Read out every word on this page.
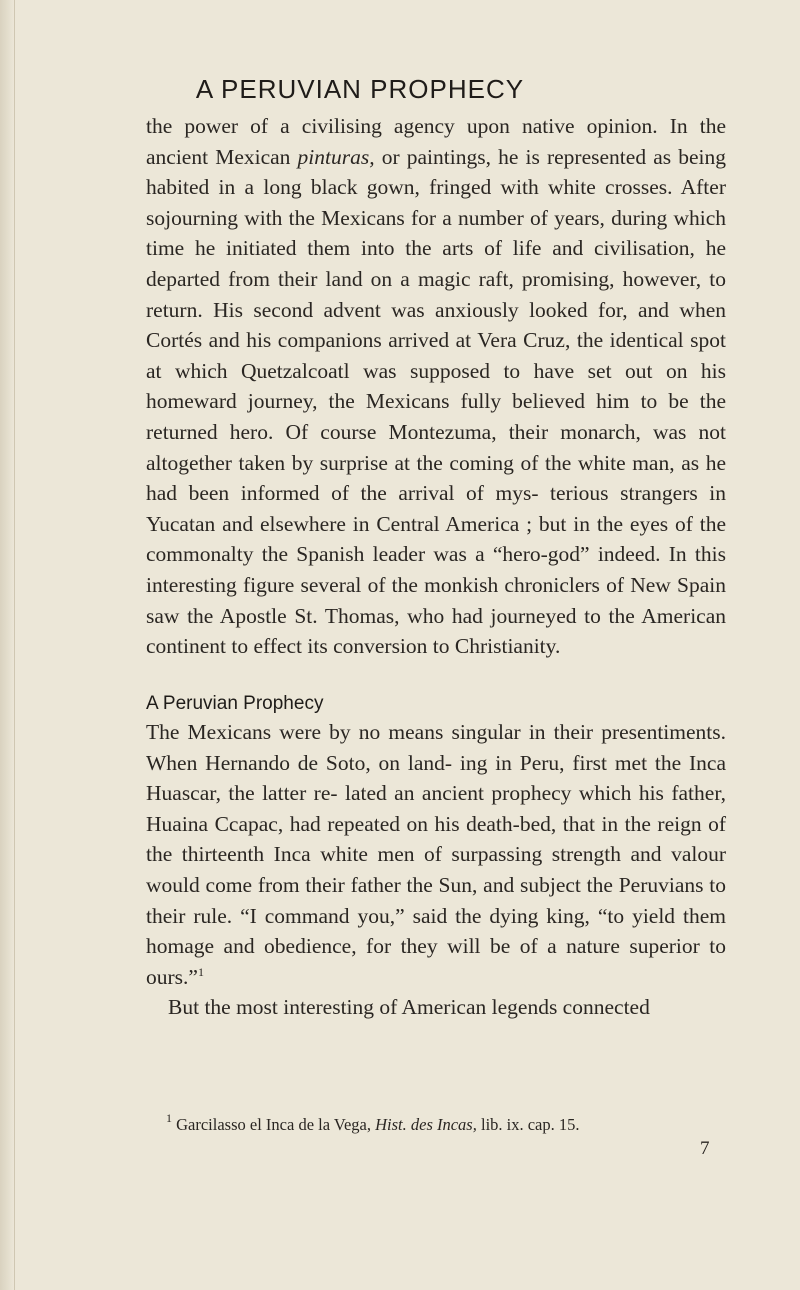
A PERUVIAN PROPHECY

the power of a civilising agency upon native opinion. In the ancient Mexican pinturas, or paintings, he is represented as being habited in a long black gown, fringed with white crosses. After sojourning with the Mexicans for a number of years, during which time he initiated them into the arts of life and civilisation, he departed from their land on a magic raft, promising, however, to return. His second advent was anxiously looked for, and when Cortés and his companions arrived at Vera Cruz, the identical spot at which Quetzalcoatl was supposed to have set out on his homeward journey, the Mexicans fully believed him to be the returned hero. Of course Montezuma, their monarch, was not altogether taken by surprise at the coming of the white man, as he had been informed of the arrival of mys- terious strangers in Yucatan and elsewhere in Central America ; but in the eyes of the commonalty the Spanish leader was a “hero-god” indeed. In this interesting figure several of the monkish chroniclers of New Spain saw the Apostle St. Thomas, who had journeyed to the American continent to effect its conversion to Christianity.

A Peruvian Prophecy

The Mexicans were by no means singular in their presentiments. When Hernando de Soto, on land- ing in Peru, first met the Inca Huascar, the latter re- lated an ancient prophecy which his father, Huaina Ccapac, had repeated on his death-bed, that in the reign of the thirteenth Inca white men of surpassing strength and valour would come from their father the Sun, and subject the Peruvians to their rule. “I command you,” said the dying king, “to yield them homage and obedience, for they will be of a nature superior to ours.”$^1$

But the most interesting of American legends connected

$^1$ Garcilasso el Inca de la Vega, Hist. des Incas, lib. ix. cap. 15.
7
